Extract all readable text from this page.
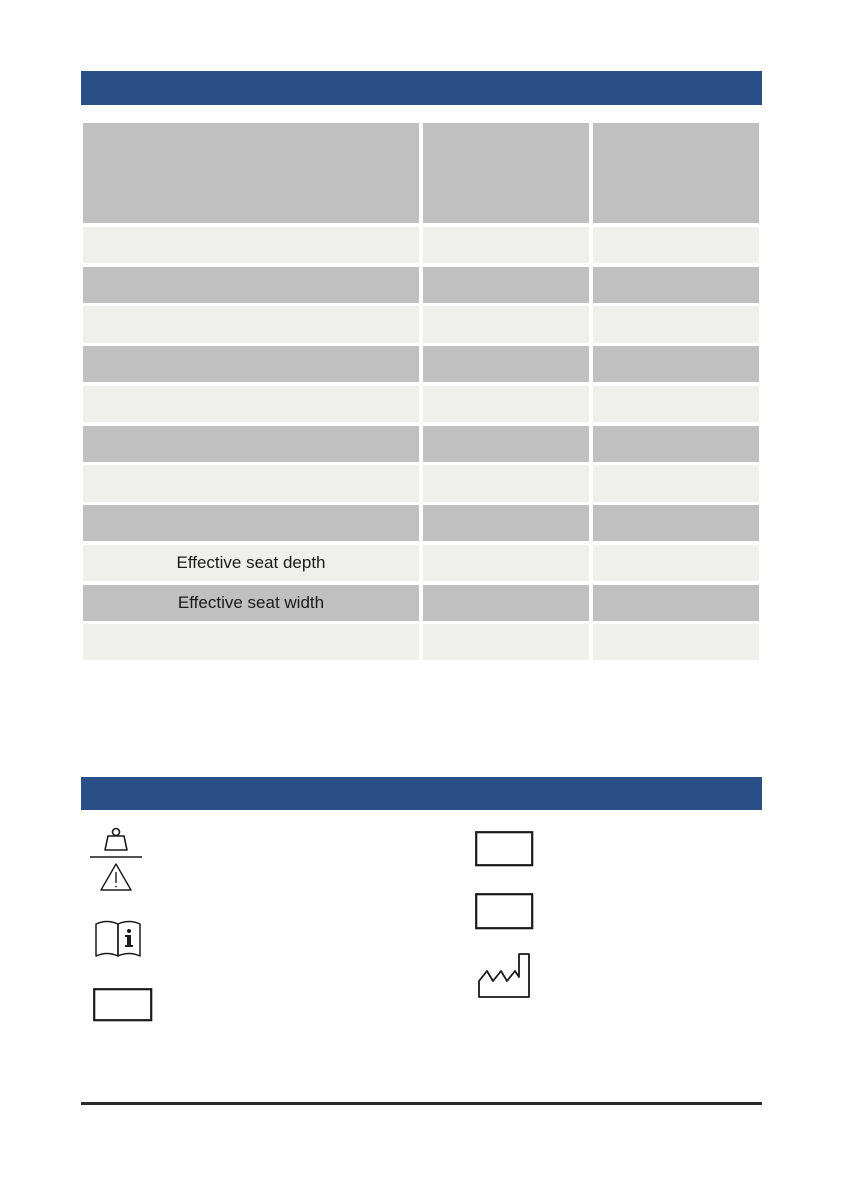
Effective seat depth
Effective seat width
